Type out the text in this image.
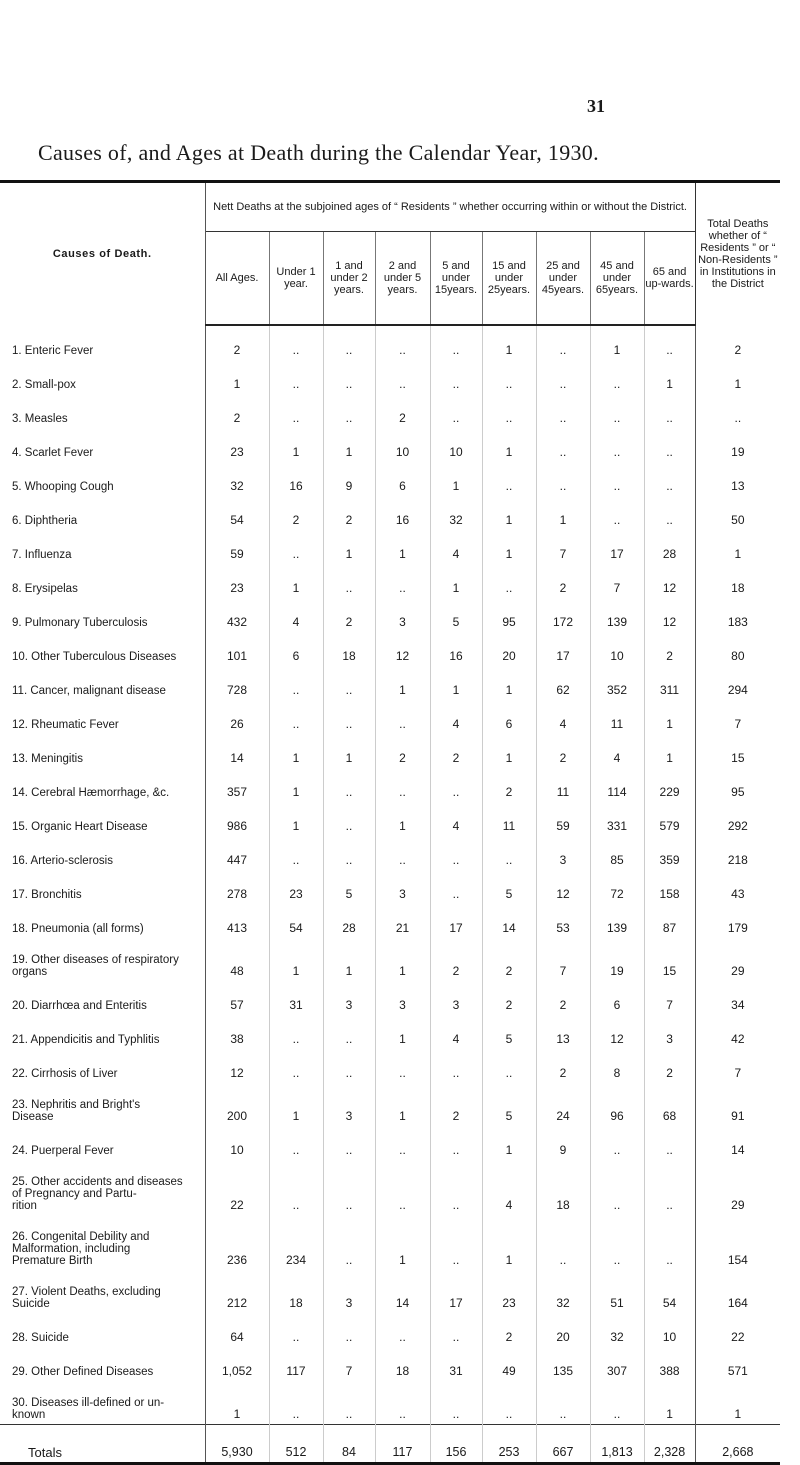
31
Causes of, and Ages at Death during the Calendar Year, 1930.
Causes of Death.	Nett Deaths at the subjoined ages of “ Residents ” whether occurring within or without the District.									Total Deaths whether of “ Residents ” or “ Non-Residents ” in Institutions in the District
	All Ages.	Under 1 year.	1 and under 2 years.	2 and under 5 years.	5 and under 15years.	15 and under 25years.	25 and under 45years.	45 and under 65years.	65 and up-wards.	
1. Enteric Fever	2	..	..	..	..	1	..	1	..	2
2. Small-pox	1	..	..	..	..	..	..	..	1	1
3. Measles	2	..	..	2	..	..	..	..	..	..
4. Scarlet Fever	23	1	1	10	10	1	..	..	..	19
5. Whooping Cough	32	16	9	6	1	..	..	..	..	13
6. Diphtheria	54	2	2	16	32	1	1	..	..	50
7. Influenza	59	..	1	1	4	1	7	17	28	1
8. Erysipelas	23	1	..	..	1	..	2	7	12	18
9. Pulmonary Tuberculosis	432	4	2	3	5	95	172	139	12	183
10. Other Tuberculous Diseases	101	6	18	12	16	20	17	10	2	80
11. Cancer, malignant disease	728	..	..	1	1	1	62	352	311	294
12. Rheumatic Fever	26	..	..	..	4	6	4	11	1	7
13. Meningitis	14	1	1	2	2	1	2	4	1	15
14. Cerebral Hæmorrhage, &c.	357	1	..	..	..	2	11	114	229	95
15. Organic Heart Disease	986	1	..	1	4	11	59	331	579	292
16. Arterio-sclerosis	447	..	..	..	..	..	3	85	359	218
17. Bronchitis	278	23	5	3	..	5	12	72	158	43
18. Pneumonia (all forms)	413	54	28	21	17	14	53	139	87	179
19. Other diseases of respiratory
organs	48	1	1	1	2	2	7	19	15	29
20. Diarrhœa and Enteritis	57	31	3	3	3	2	2	6	7	34
21. Appendicitis and Typhlitis	38	..	..	1	4	5	13	12	3	42
22. Cirrhosis of Liver	12	..	..	..	..	..	2	8	2	7
23. Nephritis and Bright's
Disease	200	1	3	1	2	5	24	96	68	91
24. Puerperal Fever	10	..	..	..	..	1	9	..	..	14
25. Other accidents and diseases
of Pregnancy and Partu-
rition	22	..	..	..	..	4	18	..	..	29
26. Congenital Debility and
Malformation, including
Premature Birth	236	234	..	1	..	1	..	..	..	154
27. Violent Deaths, excluding
Suicide	212	18	3	14	17	23	32	51	54	164
28. Suicide	64	..	..	..	..	2	20	32	10	22
29. Other Defined Diseases	1,052	117	7	18	31	49	135	307	388	571
30. Diseases ill-defined or un-
known	1	..	..	..	..	..	..	..	1	1
Totals	5,930	512	84	117	156	253	667	1,813	2,328	2,668
